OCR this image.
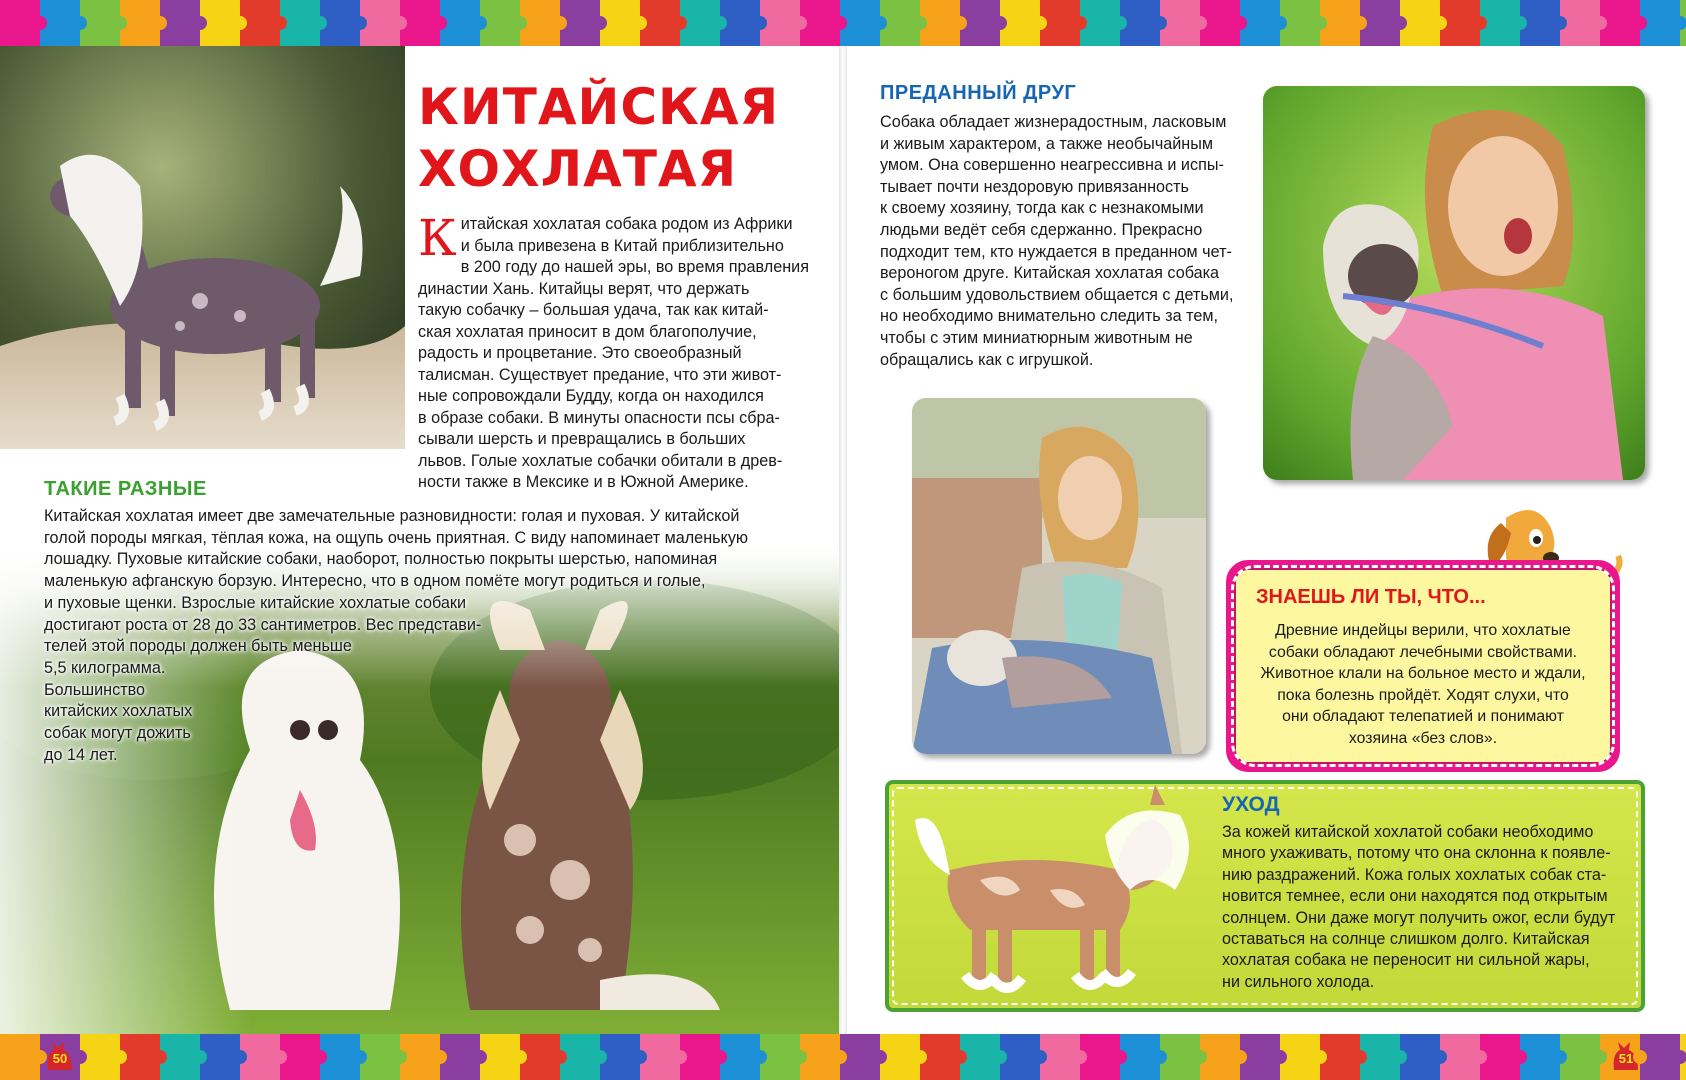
КИТАЙСКАЯ
ХОХЛАТАЯ
К итайская хохлатая собака родом из Африки
и была привезена в Китай приблизительно
в 200 году до нашей эры, во время правления
династии Хань. Китайцы верят, что держать
такую собачку – большая удача, так как китай-
ская хохлатая приносит в дом благополучие,
радость и процветание. Это своеобразный
талисман. Существует предание, что эти живот-
ные сопровождали Будду, когда он находился
в образе собаки. В минуты опасности псы сбра-
сывали шерсть и превращались в больших
львов. Голые хохлатые собачки обитали в древ-
ности также в Мексике и в Южной Америке.
ТАКИЕ РАЗНЫЕ
Китайская хохлатая имеет две замечательные разновидности: голая и пуховая. У китайской
голой породы мягкая, тёплая кожа, на ощупь очень приятная. С виду напоминает маленькую
лошадку. Пуховые китайские собаки, наоборот, полностью покрыты шерстью, напоминая
маленькую афганскую борзую. Интересно, что в одном помёте могут родиться и голые,
и пуховые щенки. Взрослые китайские хохлатые собаки
достигают роста от 28 до 33 сантиметров. Вес представи-
телей этой породы должен быть меньше
5,5 килограмма.
Большинство
китайских хохлатых
собак могут дожить
до 14 лет.
50
ПРЕДАННЫЙ ДРУГ
Собака обладает жизнерадостным, ласковым
и живым характером, а также необычайным
умом. Она совершенно неагрессивна и испы-
тывает почти нездоровую привязанность
к своему хозяину, тогда как с незнакомыми
людьми ведёт себя сдержанно. Прекрасно
подходит тем, кто нуждается в преданном чет-
вероногом друге. Китайская хохлатая собака
с большим удовольствием общается с детьми,
но необходимо внимательно следить за тем,
чтобы с этим миниатюрным животным не
обращались как с игрушкой.
ЗНАЕШЬ ЛИ ТЫ, ЧТО...
Древние индейцы верили, что хохлатые
собаки обладают лечебными свойствами.
Животное клали на больное место и ждали,
пока болезнь пройдёт. Ходят слухи, что
они обладают телепатией и понимают
хозяина «без слов».
УХОД
За кожей китайской хохлатой собаки необходимо
много ухаживать, потому что она склонна к появле-
нию раздражений. Кожа голых хохлатых собак ста-
новится темнее, если они находятся под открытым
солнцем. Они даже могут получить ожог, если будут
оставаться на солнце слишком долго. Китайская
хохлатая собака не переносит ни сильной жары,
ни сильного холода.
51
